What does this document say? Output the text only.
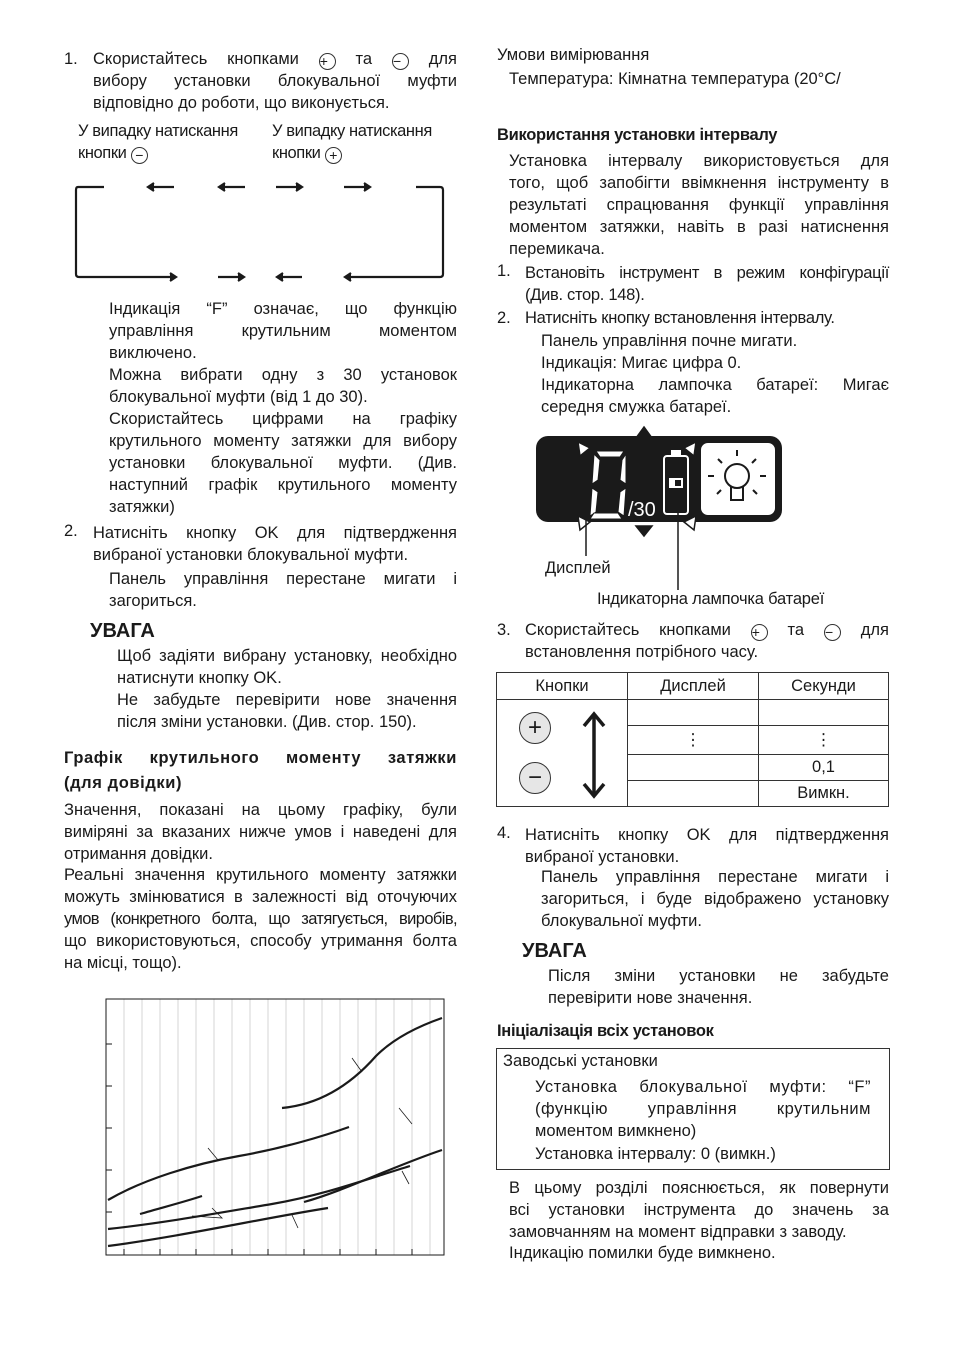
1. Скористайтесь кнопками + та − для
вибору установки блокувальної муфти
відповідно до роботи, що виконується.
У випадку натискання
кнопки −
У випадку натискання
кнопки +
Індикація “F” означає, що функцію
управління крутильним моментом
виключено.
Можна вибрати одну з 30 установок
блокувальної муфти (від 1 до 30).
Скористайтесь цифрами на графіку
крутильного моменту затяжки для вибору
установки блокувальної муфти. (Див.
наступний графік крутильного моменту
затяжки)
2. Натисніть кнопку OK для підтвердження
вибраної установки блокувальної муфти.
Панель управління перестане мигати і
загориться.
УВАГА
Щоб задіяти вибрану установку, необхідно
натиснути кнопку OK.
Не забудьте перевірити нове значення
після зміни установки. (Див. стор. 150).
Графік крутильного моменту затяжки
(для довідки)
Значення, показані на цьому графіку, були
виміряні за вказаних нижче умов і наведені для
отримання довідки.
Реальні значення крутильного моменту затяжки
можуть змінюватися в залежності від оточуючих
умов (конкретного болта, що затягується, виробів,
що використовуються, способу утримання болта
на місці, тощо).
Умови вимірювання
Температура: Кімнатна температура (20°C/
Використання установки інтервалу
Установка інтервалу використовується для
того, щоб запобігти ввімкнення інструменту в
результаті спрацювання функції управління
моментом затяжки, навіть в разі натиснення
перемикача.
1. Встановіть інструмент в режим конфігурації
(Див. стор. 148).
2. Натисніть кнопку встановлення інтервалу.
Панель управління почне мигати.
Індикація: Мигає цифра 0.
Індикаторна лампочка батареї: Мигає
середня смужка батареї.
0
/30
Дисплей
Індикаторна лампочка батареї
3. Скористайтесь кнопками + та − для
встановлення потрібного часу.
Кнопки	Дисплей	Секунди

+
−		

	⋮	⋮
		0,1
		Вимкн.
4. Натисніть кнопку OK для підтвердження
вибраної установки.
Панель управління перестане мигати і
загориться, і буде відображено установку
блокувальної муфти.
УВАГА
Після зміни установки не забудьте
перевірити нове значення.
Ініціалізація всіх установок
Заводські установки
Установка блокувальної муфти: “F”
(функцію управління крутильним
моментом вимкнено)
Установка інтервалу: 0 (вимкн.)
В цьому розділі пояснюється, як повернути
всі установки інструмента до значень за
замовчанням на момент відправки з заводу.
Індикацію помилки буде вимкнено.
